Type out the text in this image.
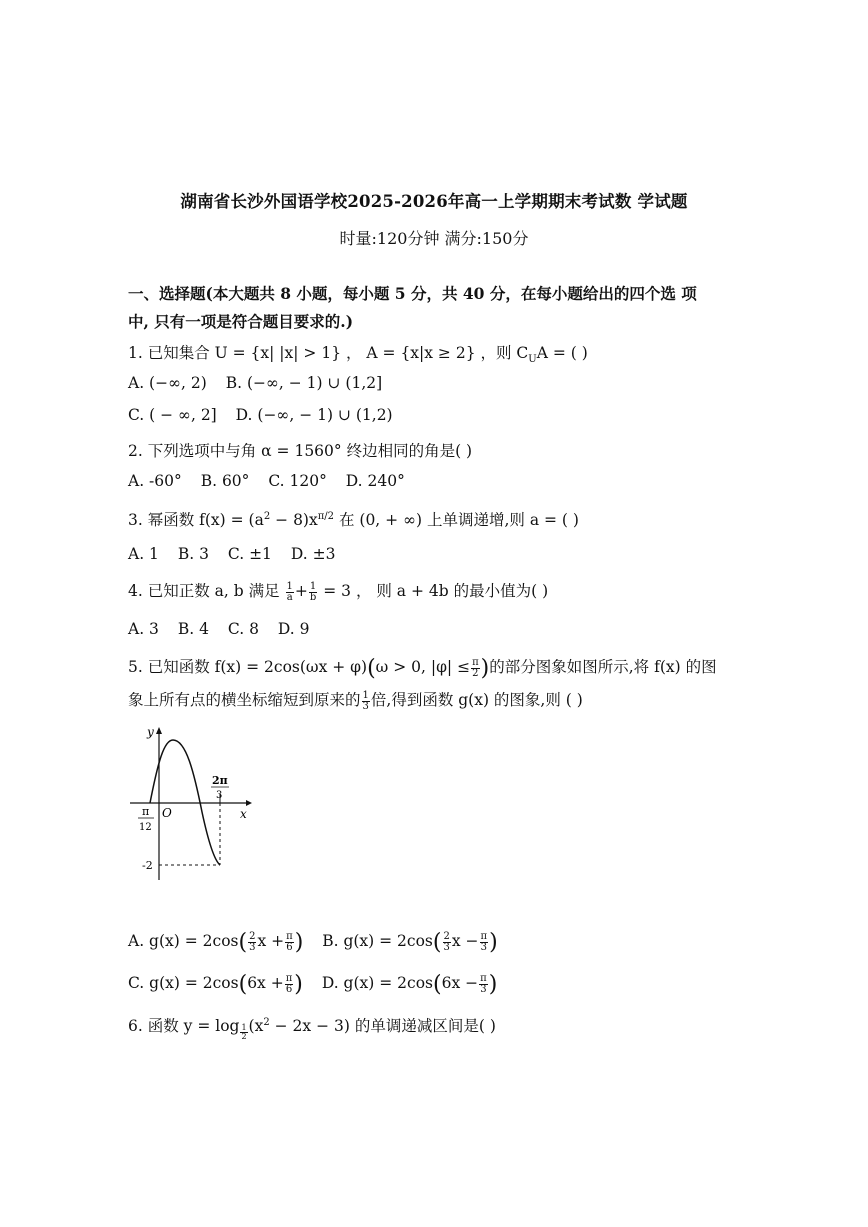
湖南省长沙外国语学校2025-2026年高一上学期期末考试数 学试题
时量:120分钟 满分:150分
一、选择题(本大题共 8 小题，每小题 5 分，共 40 分，在每小题给出的四个选 项
中, 只有一项是符合题目要求的.)
1. 已知集合 U = {x| |x| > 1} ， A = {x|x ≥ 2} ，则 $C_UA$ = ( )
A. (−∞, 2) B. (−∞, − 1) ∪ (1,2]
C. ( − ∞, 2] D. (−∞, − 1) ∪ (1,2)
2. 下列选项中与角 α = 1560° 终边相同的角是( )
A. -60° B. 60° C. 120° D. 240°
3. 幂函数 $f(x) = (a^2 - 8)x^{\pi/2}$ 在 (0, + ∞) 上单调递增,则 a = ( )
A. 1 B. 3 C. ±1 D. ±3
4. 已知正数 a, b 满足 $\frac{1}{a} + \frac{1}{b} = 3$ ， 则 a + 4b 的最小值为( )
A. 3 B. 4 C. 8 D. 9
5. 已知函数 f(x) = 2cos(ωx + φ)(ω > 0, $|\varphi| \le \frac{\pi}{2}$ )的部分图象如图所示,将 f(x) 的图
象上所有点的横坐标缩短到原来的 $\frac{1}{3}$ 倍,得到函数 g(x) 的图象,则 ( )
y
x
O
π
12
2π
3
-2
A. $g(x) = 2\cos( \frac{2}{3}$ $x + \frac{\pi}{6}$ ) B. $g(x) = 2\cos( \frac{2}{3}$ $x - \frac{\pi}{3}$ )
C. $g(x) = 2\cos(6x + \frac{\pi}{6}$ ) D. $g(x) = 2\cos(6x - \frac{\pi}{3}$ )
6. 函数 y = log $_{\frac{1}{2}}$ $(x^2 - 2x - 3)$ 的单调递减区间是( )
